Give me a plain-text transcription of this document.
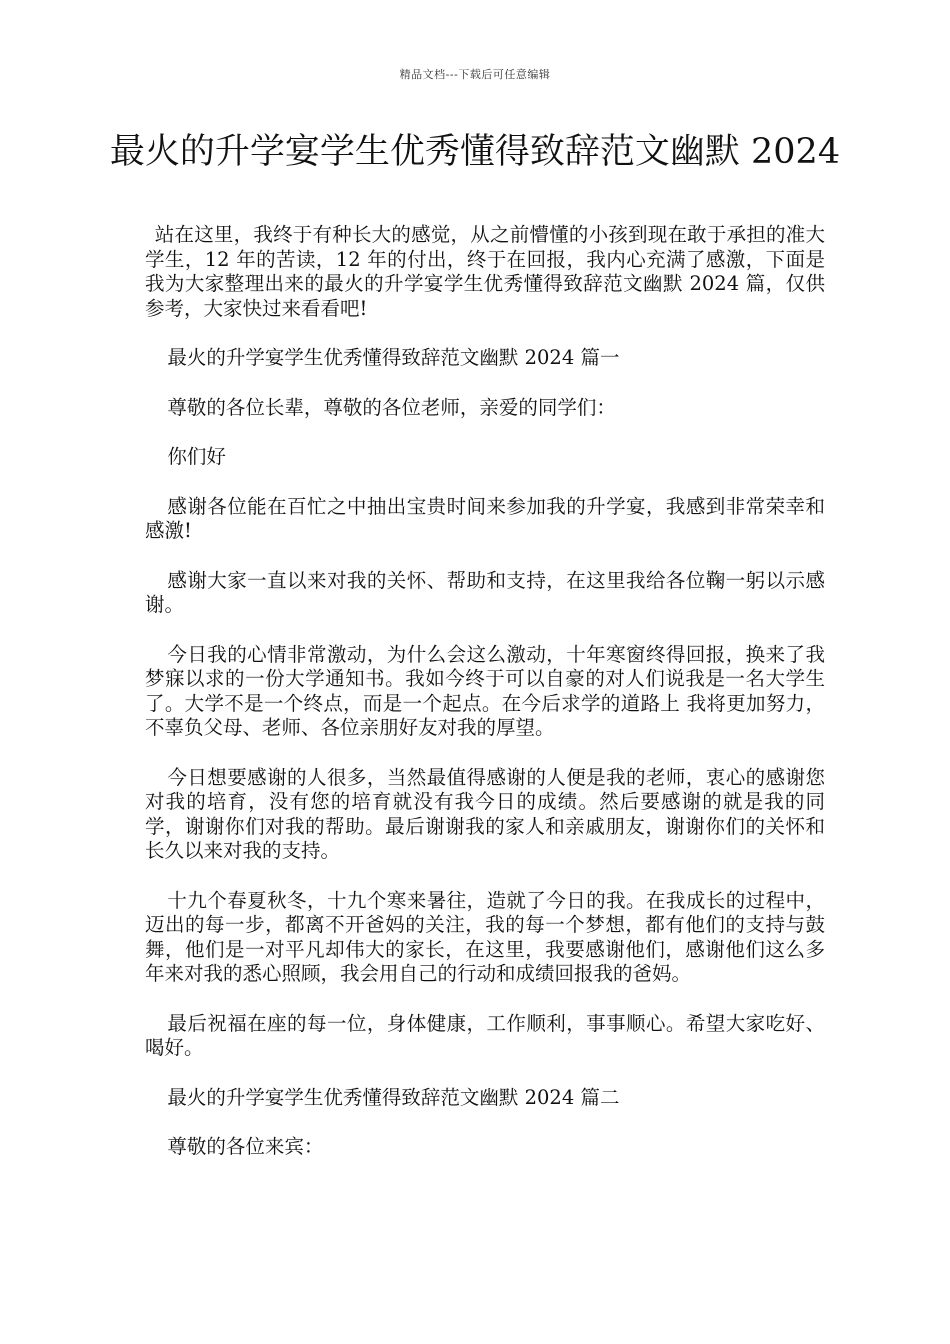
精品文档---下载后可任意编辑
最火的升学宴学生优秀懂得致辞范文幽默 2024

站在这里，我终于有种长大的感觉，从之前懵懂的小孩到现在敢于承担的准大学生，12 年的苦读，12 年的付出，终于在回报，我内心充满了感激，下面是我为大家整理出来的最火的升学宴学生优秀懂得致辞范文幽默 2024 篇，仅供参考，大家快过来看看吧!

最火的升学宴学生优秀懂得致辞范文幽默 2024 篇一

尊敬的各位长辈，尊敬的各位老师，亲爱的同学们：

你们好

感谢各位能在百忙之中抽出宝贵时间来参加我的升学宴，我感到非常荣幸和感激!

感谢大家一直以来对我的关怀、帮助和支持，在这里我给各位鞠一躬以示感谢。

今日我的心情非常激动，为什么会这么激动，十年寒窗终得回报，换来了我梦寐以求的一份大学通知书。我如今终于可以自豪的对人们说我是一名大学生了。大学不是一个终点，而是一个起点。在今后求学的道路上 我将更加努力，不辜负父母、老师、各位亲朋好友对我的厚望。

今日想要感谢的人很多，当然最值得感谢的人便是我的老师，衷心的感谢您对我的培育，没有您的培育就没有我今日的成绩。然后要感谢的就是我的同学，谢谢你们对我的帮助。最后谢谢我的家人和亲戚朋友，谢谢你们的关怀和长久以来对我的支持。

十九个春夏秋冬，十九个寒来暑往，造就了今日的我。在我成长的过程中，迈出的每一步，都离不开爸妈的关注，我的每一个梦想，都有他们的支持与鼓舞，他们是一对平凡却伟大的家长，在这里，我要感谢他们，感谢他们这么多年来对我的悉心照顾，我会用自己的行动和成绩回报我的爸妈。

最后祝福在座的每一位，身体健康，工作顺利，事事顺心。希望大家吃好、喝好。

最火的升学宴学生优秀懂得致辞范文幽默 2024 篇二

尊敬的各位来宾：
